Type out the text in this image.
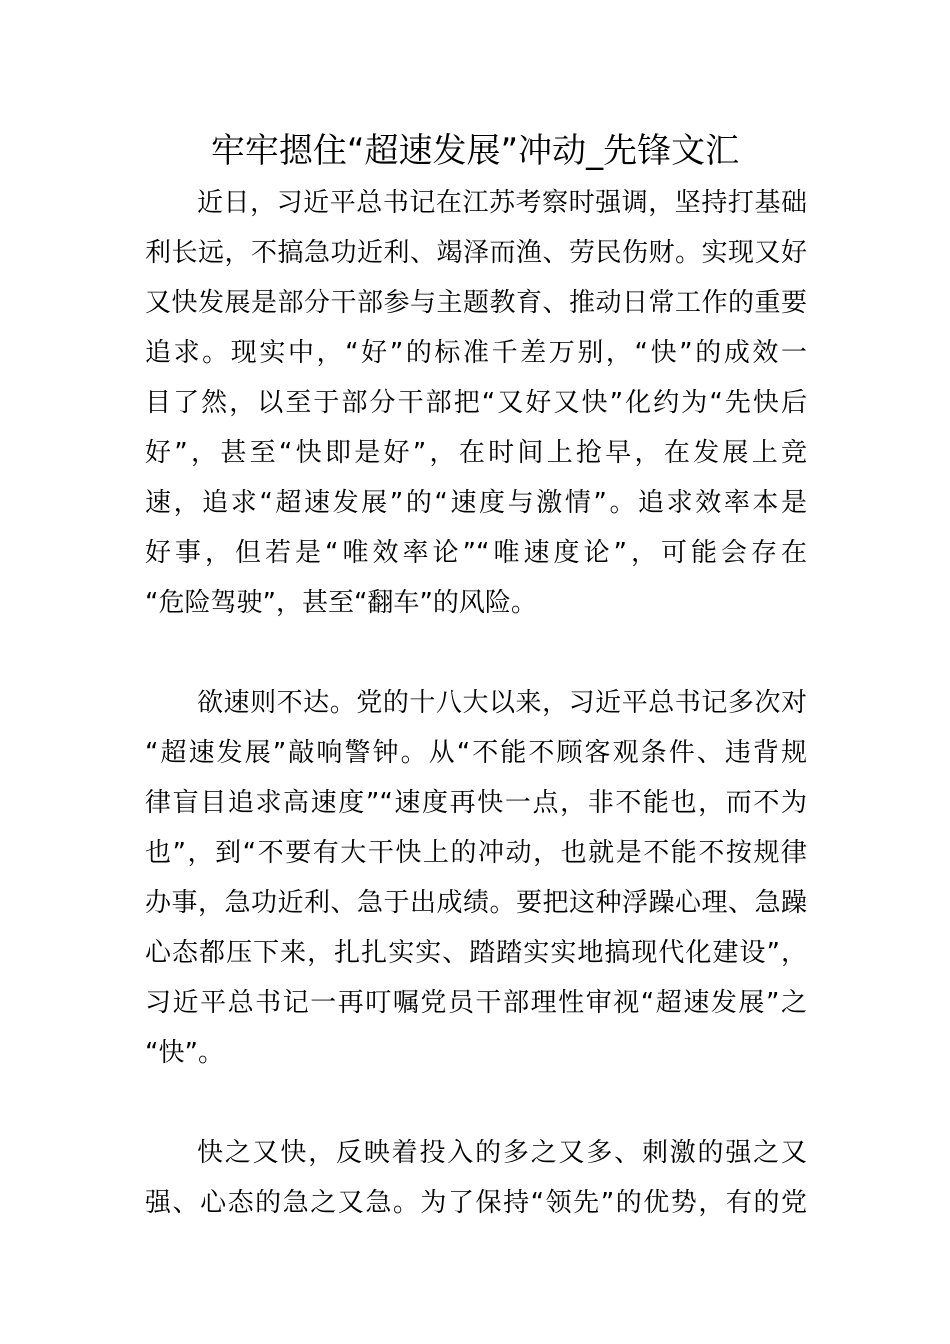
牢牢摁住“超速发展”冲动_先锋文汇
近日，习近平总书记在江苏考察时强调，坚持打基础
利长远，不搞急功近利、竭泽而渔、劳民伤财。实现又好
又快发展是部分干部参与主题教育、推动日常工作的重要
追求。现实中，“好”的标准千差万别，“快”的成效一
目了然，以至于部分干部把“又好又快”化约为“先快后
好”，甚至“快即是好”，在时间上抢早，在发展上竞
速，追求“超速发展”的“速度与激情”。追求效率本是
好事，但若是“唯效率论”“唯速度论”，可能会存在
“危险驾驶”，甚至“翻车”的风险。
欲速则不达。党的十八大以来，习近平总书记多次对
“超速发展”敲响警钟。从“不能不顾客观条件、违背规
律盲目追求高速度”“速度再快一点，非不能也，而不为
也”，到“不要有大干快上的冲动，也就是不能不按规律
办事，急功近利、急于出成绩。要把这种浮躁心理、急躁
心态都压下来，扎扎实实、踏踏实实地搞现代化建设”，
习近平总书记一再叮嘱党员干部理性审视“超速发展”之
“快”。
快之又快，反映着投入的多之又多、刺激的强之又
强、心态的急之又急。为了保持“领先”的优势，有的党
